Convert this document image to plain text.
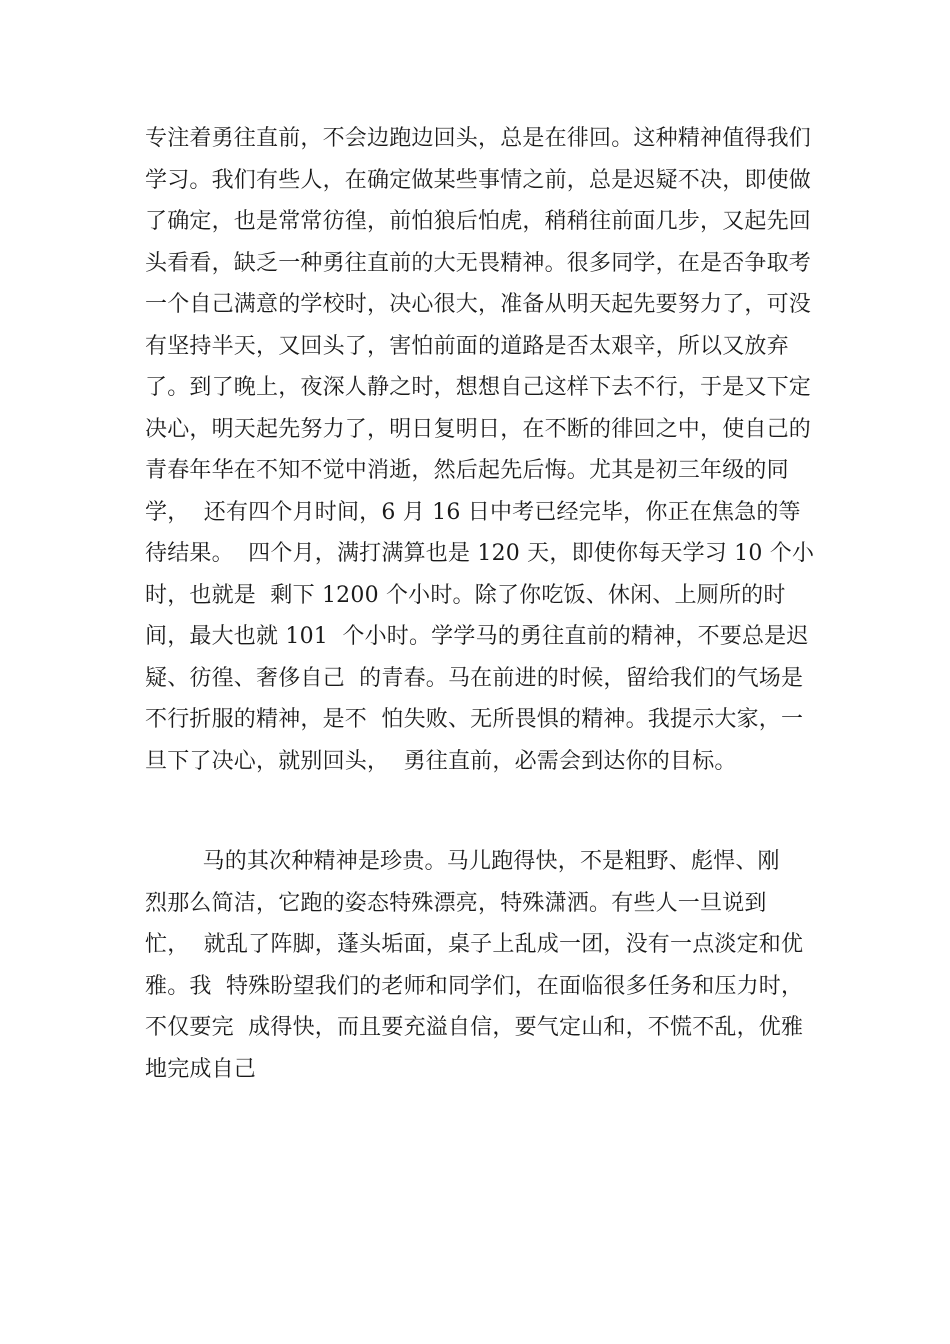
专注着勇往直前，不会边跑边回头，总是在徘回。这种精神值得我们
学习。我们有些人，在确定做某些事情之前，总是迟疑不决，即使做
了确定，也是常常彷徨，前怕狼后怕虎，稍稍往前面几步，又起先回
头看看，缺乏一种勇往直前的大无畏精神。很多同学，在是否争取考
一个自己满意的学校时，决心很大，准备从明天起先要努力了，可没
有坚持半天，又回头了，害怕前面的道路是否太艰辛，所以又放弃
了。到了晚上，夜深人静之时，想想自己这样下去不行，于是又下定
决心，明天起先努力了，明日复明日，在不断的徘回之中，使自己的
青春年华在不知不觉中消逝，然后起先后悔。尤其是初三年级的同
学，  还有四个月时间，6 月 16 日中考已经完毕，你正在焦急的等
待结果。  四个月，满打满算也是 120 天，即使你每天学习 10 个小
时，也就是  剩下 1200 个小时。除了你吃饭、休闲、上厕所的时
间，最大也就 101  个小时。学学马的勇往直前的精神，不要总是迟
疑、彷徨、奢侈自己  的青春。马在前进的时候，留给我们的气场是
不行折服的精神，是不  怕失败、无所畏惧的精神。我提示大家，一
旦下了决心，就别回头，  勇往直前，必需会到达你的目标。
马的其次种精神是珍贵。马儿跑得快，不是粗野、彪悍、刚
烈那么简洁，它跑的姿态特殊漂亮，特殊潇洒。有些人一旦说到
忙，  就乱了阵脚，蓬头垢面，桌子上乱成一团，没有一点淡定和优
雅。我  特殊盼望我们的老师和同学们，在面临很多任务和压力时，
不仅要完  成得快，而且要充溢自信，要气定山和，不慌不乱，优雅
地完成自己
